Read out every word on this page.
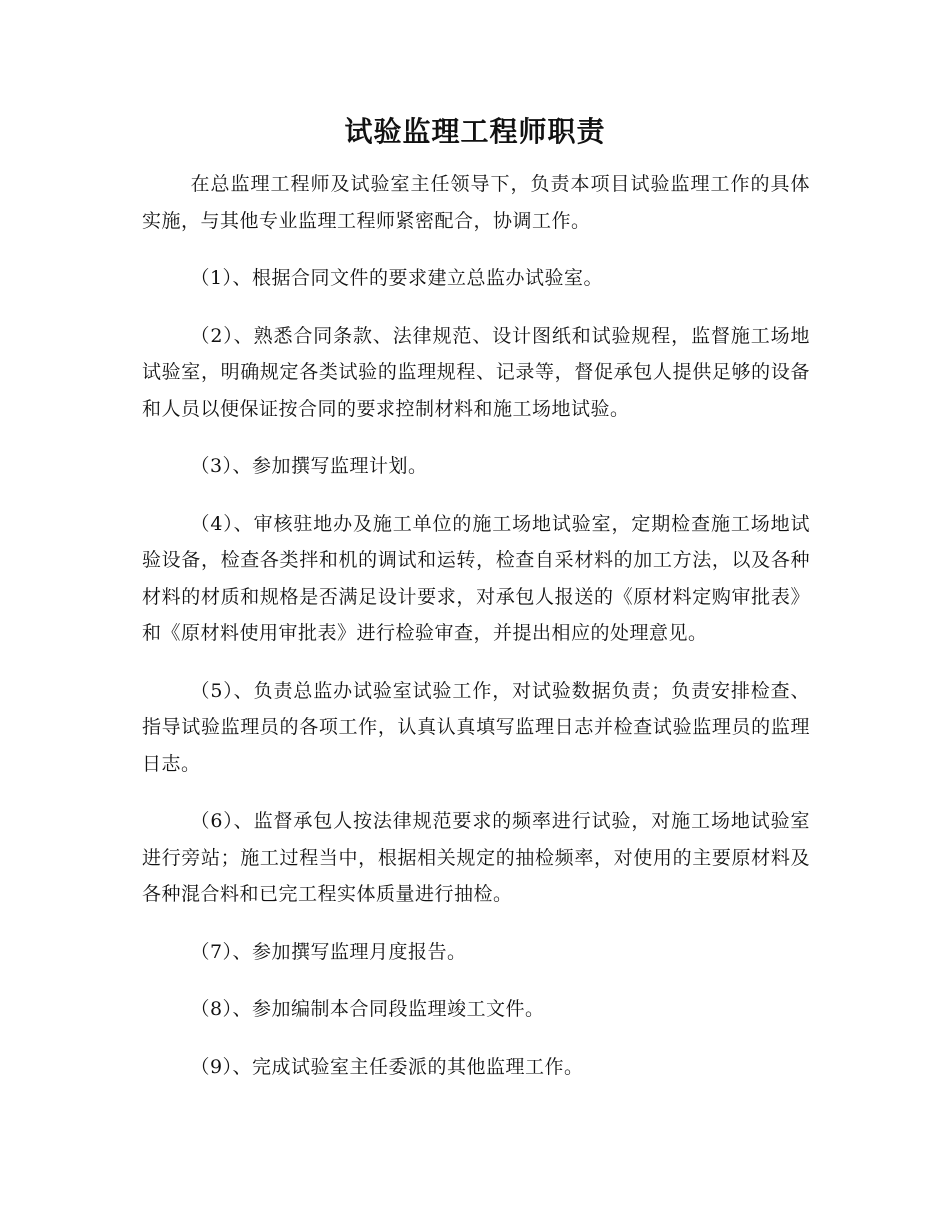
试验监理工程师职责

在总监理工程师及试验室主任领导下，负责本项目试验监理工作的具体实施，与其他专业监理工程师紧密配合，协调工作。

（1）、根据合同文件的要求建立总监办试验室。

（2）、熟悉合同条款、法律规范、设计图纸和试验规程，监督施工场地试验室，明确规定各类试验的监理规程、记录等，督促承包人提供足够的设备和人员以便保证按合同的要求控制材料和施工场地试验。

（3）、参加撰写监理计划。

（4）、审核驻地办及施工单位的施工场地试验室，定期检查施工场地试验设备，检查各类拌和机的调试和运转，检查自采材料的加工方法，以及各种材料的材质和规格是否满足设计要求，对承包人报送的《原材料定购审批表》和《原材料使用审批表》进行检验审查，并提出相应的处理意见。

（5）、负责总监办试验室试验工作，对试验数据负责；负责安排检查、指导试验监理员的各项工作，认真认真填写监理日志并检查试验监理员的监理日志。

（6）、监督承包人按法律规范要求的频率进行试验，对施工场地试验室进行旁站；施工过程当中，根据相关规定的抽检频率，对使用的主要原材料及各种混合料和已完工程实体质量进行抽检。

（7）、参加撰写监理月度报告。

（8）、参加编制本合同段监理竣工文件。

（9）、完成试验室主任委派的其他监理工作。
